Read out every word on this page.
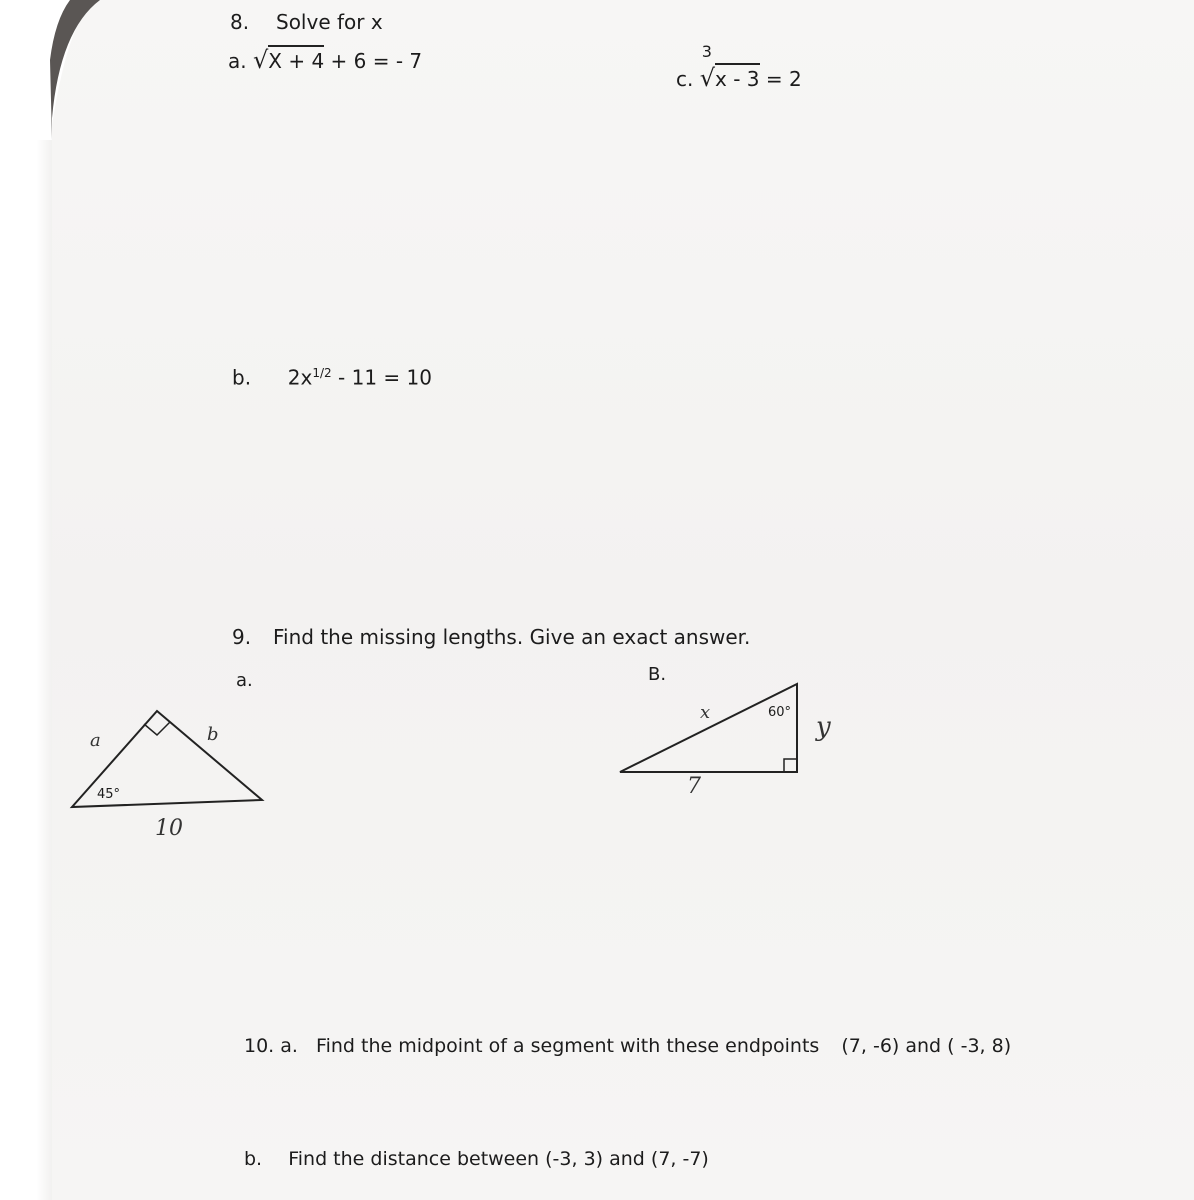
8. Solve for x
a. √X + 4 + 6 = - 7
c.
3
√x - 3 = 2
b. $2x^{1/2} - 11 = 10$
9. Find the missing lengths. Give an exact answer.
a.	B.
45°
10
a	b
60°
x	y
7
10. a. Find the midpoint of a segment with these endpoints (7, -6) and ( -3, 8)
b. Find the distance between (-3, 3) and (7, -7)
